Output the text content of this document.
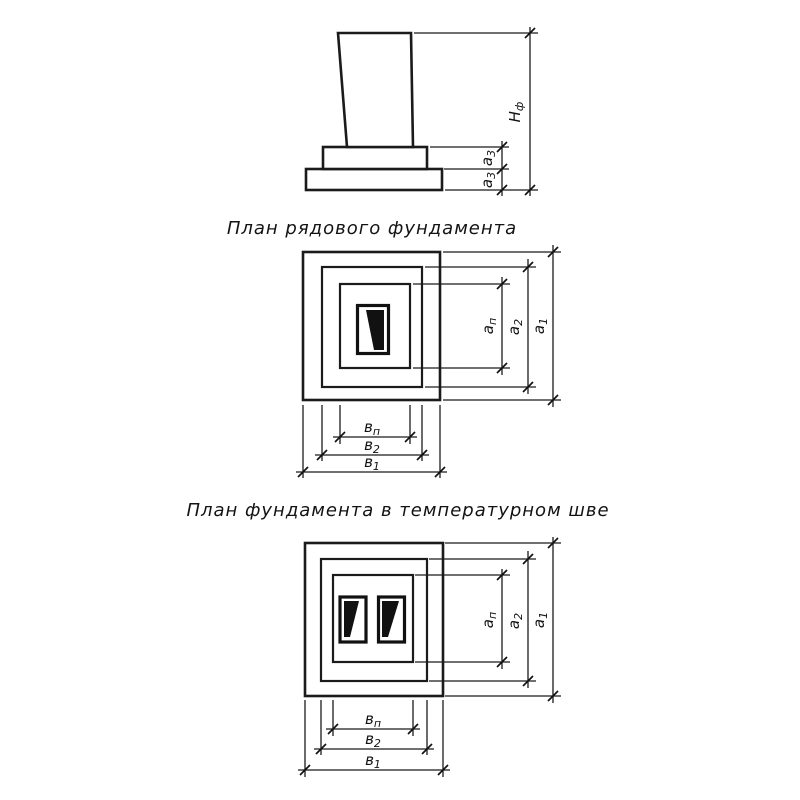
$Н_ф$
$а_3$
$а_3$
План рядового фундамента
$а_п$
$а_2$
$а_1$
$в_п$
$в_2$
$в_1$
План фундамента в температурном шве
$а_п$
$а_2$
$а_1$
$в_п$
$в_2$
$в_1$
